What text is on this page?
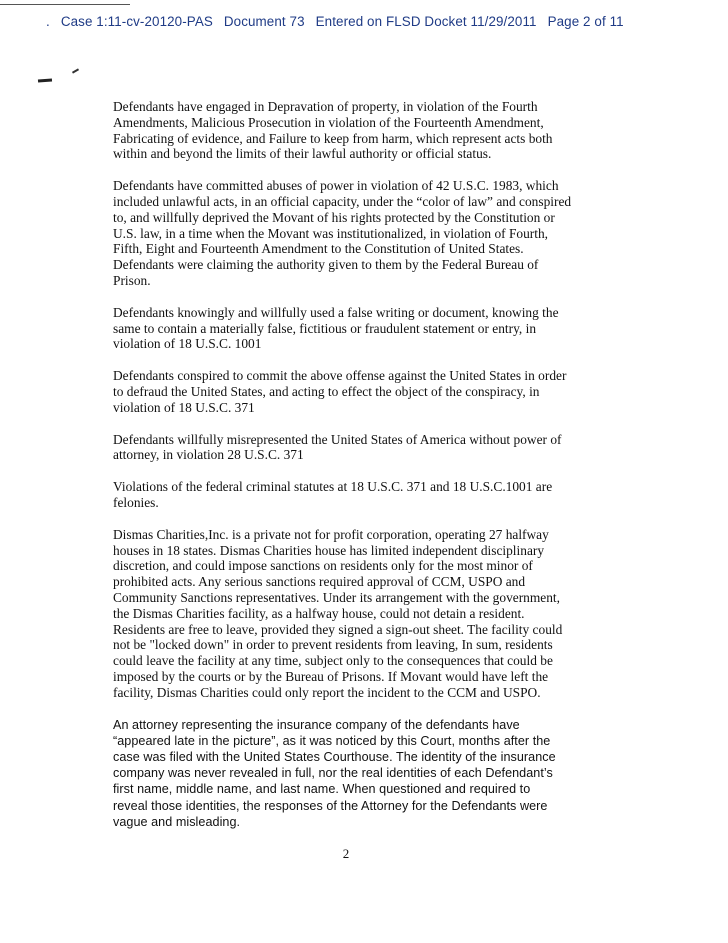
. Case 1:11-cv-20120-PAS Document 73 Entered on FLSD Docket 11/29/2011 Page 2 of 11

Defendants have engaged in Depravation of property, in violation of the Fourth Amendments, Malicious Prosecution in violation of the Fourteenth Amendment, Fabricating of evidence, and Failure to keep from harm, which represent acts both within and beyond the limits of their lawful authority or official status.

Defendants have committed abuses of power in violation of 42 U.S.C. 1983, which included unlawful acts, in an official capacity, under the “color of law” and conspired to, and willfully deprived the Movant of his rights protected by the Constitution or U.S. law, in a time when the Movant was institutionalized, in violation of Fourth, Fifth, Eight and Fourteenth Amendment to the Constitution of United States. Defendants were claiming the authority given to them by the Federal Bureau of Prison.

Defendants knowingly and willfully used a false writing or document, knowing the same to contain a materially false, fictitious or fraudulent statement or entry, in violation of 18 U.S.C. 1001

Defendants conspired to commit the above offense against the United States in order to defraud the United States, and acting to effect the object of the conspiracy, in violation of 18 U.S.C. 371

Defendants willfully misrepresented the United States of America without power of attorney, in violation 28 U.S.C. 371

Violations of the federal criminal statutes at 18 U.S.C. 371 and 18 U.S.C.1001 are felonies.

Dismas Charities,Inc. is a private not for profit corporation, operating 27 halfway houses in 18 states. Dismas Charities house has limited independent disciplinary discretion, and could impose sanctions on residents only for the most minor of prohibited acts. Any serious sanctions required approval of CCM, USPO and Community Sanctions representatives. Under its arrangement with the government, the Dismas Charities facility, as a halfway house, could not detain a resident. Residents are free to leave, provided they signed a sign-out sheet. The facility could not be "locked down" in order to prevent residents from leaving, In sum, residents could leave the facility at any time, subject only to the consequences that could be imposed by the courts or by the Bureau of Prisons. If Movant would have left the facility, Dismas Charities could only report the incident to the CCM and USPO.

An attorney representing the insurance company of the defendants have “appeared late in the picture”, as it was noticed by this Court, months after the case was filed with the United States Courthouse. The identity of the insurance company was never revealed in full, nor the real identities of each Defendant’s first name, middle name, and last name. When questioned and required to reveal those identities, the responses of the Attorney for the Defendants were vague and misleading.

2
